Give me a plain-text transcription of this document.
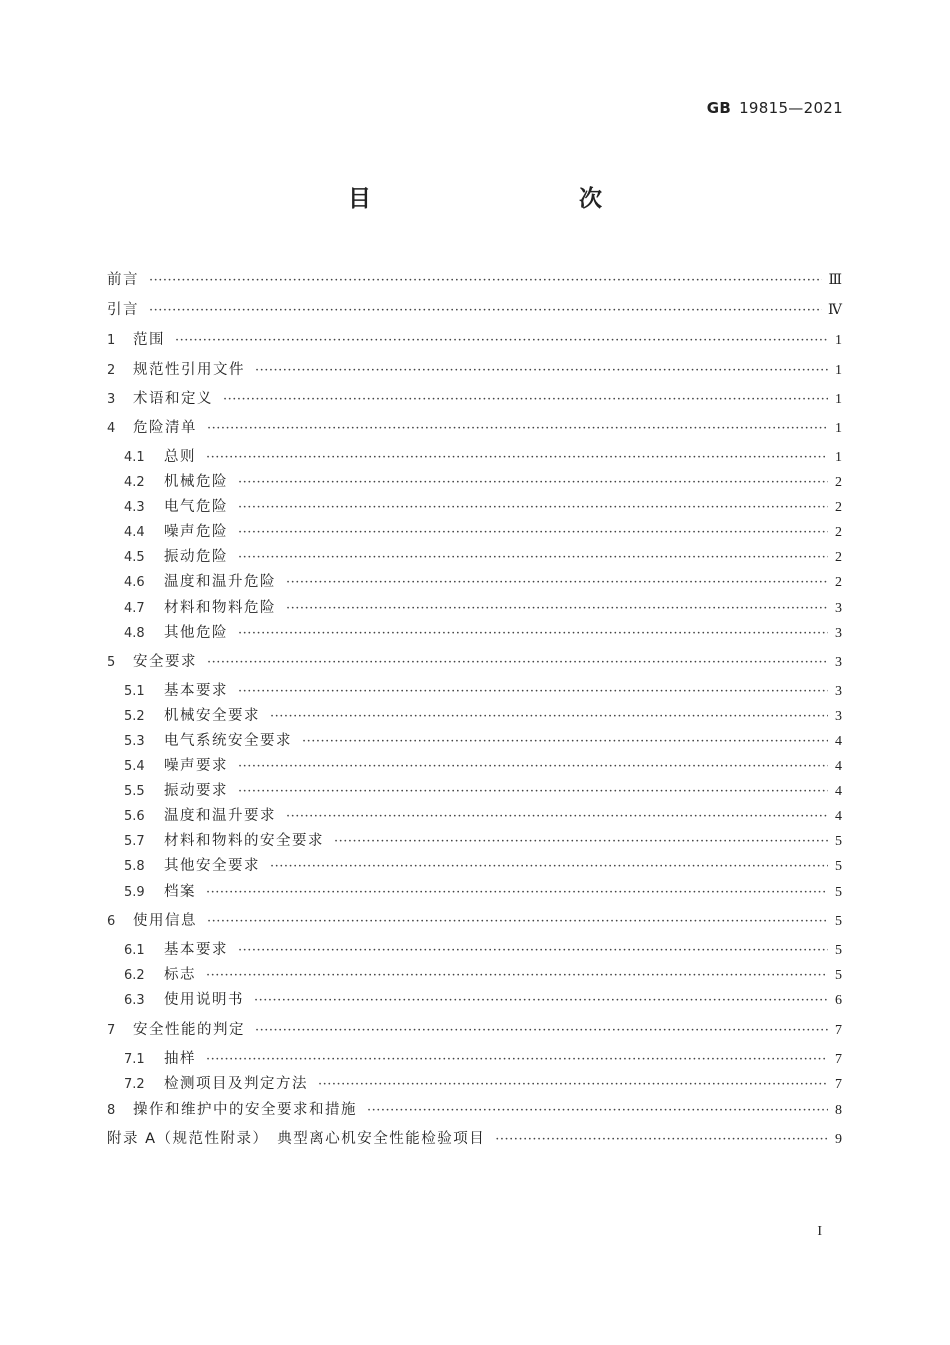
GB 19815—2021
目　　次
前言 ·····	Ⅲ
引言 ·····	Ⅳ
1	范围 ·····	1
2	规范性引用文件 ·····	1
3	术语和定义 ·····	1
4	危险清单 ·····	1
4.1	总则 ·····	1
4.2	机械危险 ·····	2
4.3	电气危险 ·····	2
4.4	噪声危险 ·····	2
4.5	振动危险 ·····	2
4.6	温度和温升危险 ·····	2
4.7	材料和物料危险 ·····	3
4.8	其他危险 ·····	3
5	安全要求 ·····	3
5.1	基本要求 ·····	3
5.2	机械安全要求 ·····	3
5.3	电气系统安全要求 ·····	4
5.4	噪声要求 ·····	4
5.5	振动要求 ·····	4
5.6	温度和温升要求 ·····	4
5.7	材料和物料的安全要求 ·····	5
5.8	其他安全要求 ·····	5
5.9	档案 ·····	5
6	使用信息 ·····	5
6.1	基本要求 ·····	5
6.2	标志 ·····	5
6.3	使用说明书 ·····	6
7	安全性能的判定 ·····	7
7.1	抽样 ·····	7
7.2	检测项目及判定方法 ·····	7
8	操作和维护中的安全要求和措施 ·····	8
附录 A（规范性附录）　典型离心机安全性能检验项目 ·····	9
I
